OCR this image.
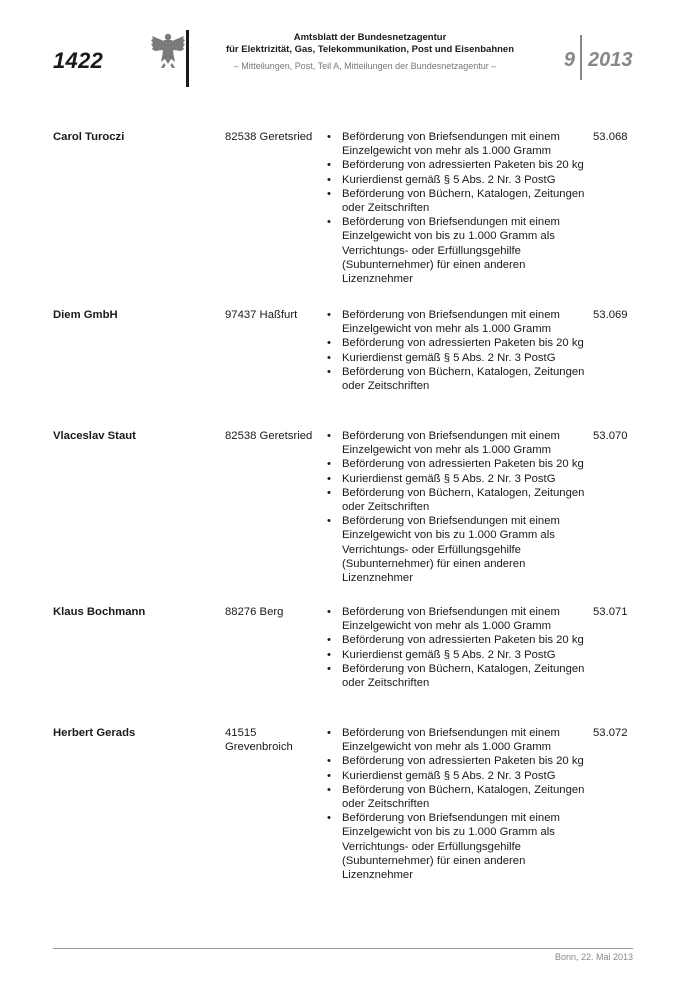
1422
Amtsblatt der Bundesnetzagentur
für Elektrizität, Gas, Telekommunikation, Post und Eisenbahnen
– Mitteilungen, Post, Teil A, Mitteilungen der Bundesnetzagentur –	9 2013
Carol Turoczi	82538 Geretsried	• Beförderung von Briefsendungen mit einem Einzelgewicht von mehr als 1.000 Gramm
• Beförderung von adressierten Paketen bis 20 kg
• Kurierdienst gemäß § 5 Abs. 2 Nr. 3 PostG
• Beförderung von Büchern, Katalogen, Zeitungen oder Zeitschriften
• Beförderung von Briefsendungen mit einem Einzelgewicht von bis zu 1.000 Gramm als Verrichtungs- oder Erfüllungsgehilfe (Subunternehmer) für einen anderen Lizenznehmer
53.068
Diem GmbH	97437 Haßfurt	• Beförderung von Briefsendungen mit einem Einzelgewicht von mehr als 1.000 Gramm
• Beförderung von adressierten Paketen bis 20 kg
• Kurierdienst gemäß § 5 Abs. 2 Nr. 3 PostG
• Beförderung von Büchern, Katalogen, Zeitungen oder Zeitschriften
53.069
Vlaceslav Staut	82538 Geretsried	• Beförderung von Briefsendungen mit einem Einzelgewicht von mehr als 1.000 Gramm
• Beförderung von adressierten Paketen bis 20 kg
• Kurierdienst gemäß § 5 Abs. 2 Nr. 3 PostG
• Beförderung von Büchern, Katalogen, Zeitungen oder Zeitschriften
• Beförderung von Briefsendungen mit einem Einzelgewicht von bis zu 1.000 Gramm als Verrichtungs- oder Erfüllungsgehilfe (Subunternehmer) für einen anderen Lizenznehmer
53.070
Klaus Bochmann	88276 Berg	• Beförderung von Briefsendungen mit einem Einzelgewicht von mehr als 1.000 Gramm
• Beförderung von adressierten Paketen bis 20 kg
• Kurierdienst gemäß § 5 Abs. 2 Nr. 3 PostG
• Beförderung von Büchern, Katalogen, Zeitungen oder Zeitschriften
53.071
Herbert Gerads	41515 Grevenbroich
• Beförderung von Briefsendungen mit einem Einzelgewicht von mehr als 1.000 Gramm
• Beförderung von adressierten Paketen bis 20 kg
• Kurierdienst gemäß § 5 Abs. 2 Nr. 3 PostG
• Beförderung von Büchern, Katalogen, Zeitungen oder Zeitschriften
• Beförderung von Briefsendungen mit einem Einzelgewicht von bis zu 1.000 Gramm als Verrichtungs- oder Erfüllungsgehilfe (Subunternehmer) für einen anderen Lizenznehmer
53.072
Bonn, 22. Mai 2013
